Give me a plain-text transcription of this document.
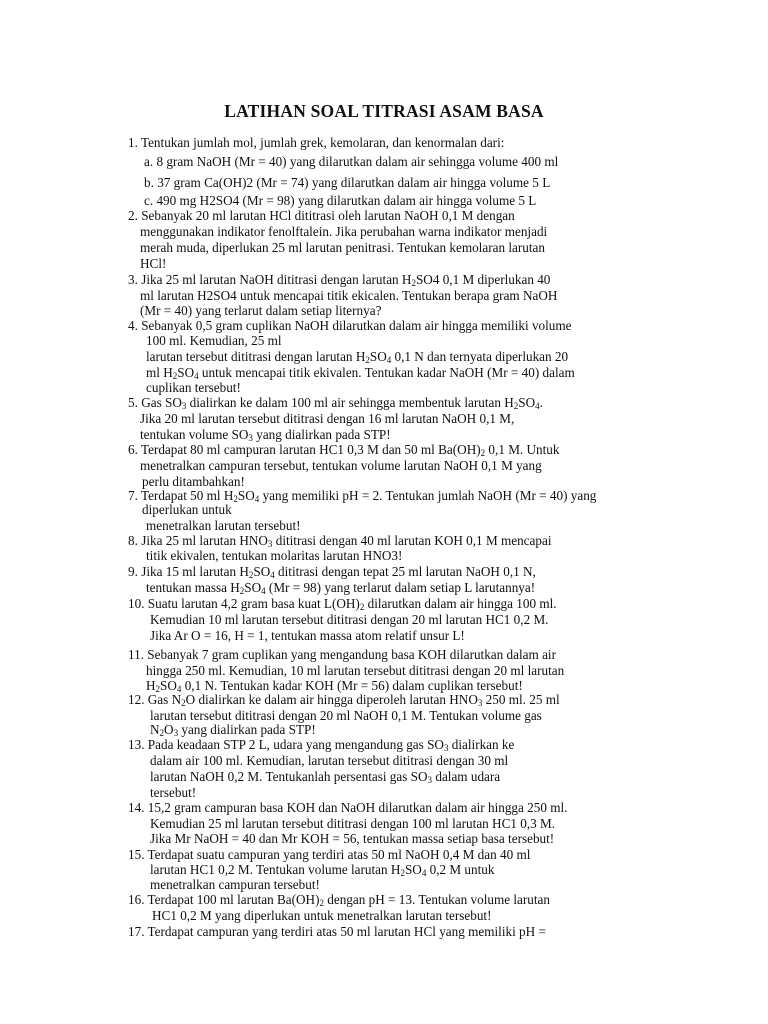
LATIHAN SOAL TITRASI ASAM BASA
1. Tentukan jumlah mol, jumlah grek, kemolaran, dan kenormalan dari:
a. 8 gram NaOH (Mr = 40) yang dilarutkan dalam air sehingga volume 400 ml
b. 37 gram Ca(OH)2 (Mr = 74) yang dilarutkan dalam air hingga volume 5 L
c. 490 mg H2SO4 (Mr = 98) yang dilarutkan dalam air hingga volume 5 L
2. Sebanyak 20 ml larutan HCl dititrasi oleh larutan NaOH 0,1 M dengan
menggunakan indikator fenolftalein. Jika perubahan warna indikator menjadi
merah muda, diperlukan 25 ml larutan penitrasi. Tentukan kemolaran larutan
HCl!
3. Jika 25 ml larutan NaOH dititrasi dengan larutan $H_2SO4$ 0,1 M diperlukan 40
ml larutan H2SO4 untuk mencapai titik ekicalen. Tentukan berapa gram NaOH
(Mr = 40) yang terlarut dalam setiap liternya?
4. Sebanyak 0,5 gram cuplikan NaOH dilarutkan dalam air hingga memiliki volume
100 ml. Kemudian, 25 ml
larutan tersebut dititrasi dengan larutan $H_2SO_4$ 0,1 N dan ternyata diperlukan 20
ml $H_2SO_4$ untuk mencapai titik ekivalen. Tentukan kadar NaOH (Mr = 40) dalam
cuplikan tersebut!
5. Gas $SO_3$ dialirkan ke dalam 100 ml air sehingga membentuk larutan $H_2SO_4$.
Jika 20 ml larutan tersebut dititrasi dengan 16 ml larutan NaOH 0,1 M,
tentukan volume $SO_3$ yang dialirkan pada STP!
6. Terdapat 80 ml campuran larutan HC1 0,3 M dan 50 ml $Ba(OH)_2$ 0,1 M. Untuk
menetralkan campuran tersebut, tentukan volume larutan NaOH 0,1 M yang
perlu ditambahkan!
7. Terdapat 50 ml $H_2SO_4$ yang memiliki pH = 2. Tentukan jumlah NaOH (Mr = 40) yang
diperlukan untuk
menetralkan larutan tersebut!
8. Jika 25 ml larutan $HNO_3$ dititrasi dengan 40 ml larutan KOH 0,1 M mencapai
titik ekivalen, tentukan molaritas larutan HNO3!
9. Jika 15 ml larutan $H_2SO_4$ dititrasi dengan tepat 25 ml larutan NaOH 0,1 N,
tentukan massa $H_2SO_4$ (Mr = 98) yang terlarut dalam setiap L larutannya!
10. Suatu larutan 4,2 gram basa kuat $L(OH)_2$ dilarutkan dalam air hingga 100 ml.
Kemudian 10 ml larutan tersebut dititrasi dengan 20 ml larutan HC1 0,2 M.
Jika Ar O = 16, H = 1, tentukan massa atom relatif unsur L!
11. Sebanyak 7 gram cuplikan yang mengandung basa KOH dilarutkan dalam air
hingga 250 ml. Kemudian, 10 ml larutan tersebut dititrasi dengan 20 ml larutan
$H_2SO_4$ 0,1 N. Tentukan kadar KOH (Mr = 56) dalam cuplikan tersebut!
12. Gas $N_2O$ dialirkan ke dalam air hingga diperoleh larutan $HNO_3$ 250 ml. 25 ml
larutan tersebut dititrasi dengan 20 ml NaOH 0,1 M. Tentukan volume gas
$N_2O_3$ yang dialirkan pada STP!
13. Pada keadaan STP 2 L, udara yang mengandung gas $SO_3$ dialirkan ke
dalam air 100 ml. Kemudian, larutan tersebut dititrasi dengan 30 ml
larutan NaOH 0,2 M. Tentukanlah persentasi gas $SO_3$ dalam udara
tersebut!
14. 15,2 gram campuran basa KOH dan NaOH dilarutkan dalam air hingga 250 ml.
Kemudian 25 ml larutan tersebut dititrasi dengan 100 ml larutan HC1 0,3 M.
Jika Mr NaOH = 40 dan Mr KOH = 56, tentukan massa setiap basa tersebut!
15. Terdapat suatu campuran yang terdiri atas 50 ml NaOH 0,4 M dan 40 ml
larutan HC1 0,2 M. Tentukan volume larutan $H_2SO_4$ 0,2 M untuk
menetralkan campuran tersebut!
16. Terdapat 100 ml larutan $Ba(OH)_2$ dengan pH = 13. Tentukan volume larutan
HC1 0,2 M yang diperlukan untuk menetralkan larutan tersebut!
17. Terdapat campuran yang terdiri atas 50 ml larutan HCl yang memiliki pH =
